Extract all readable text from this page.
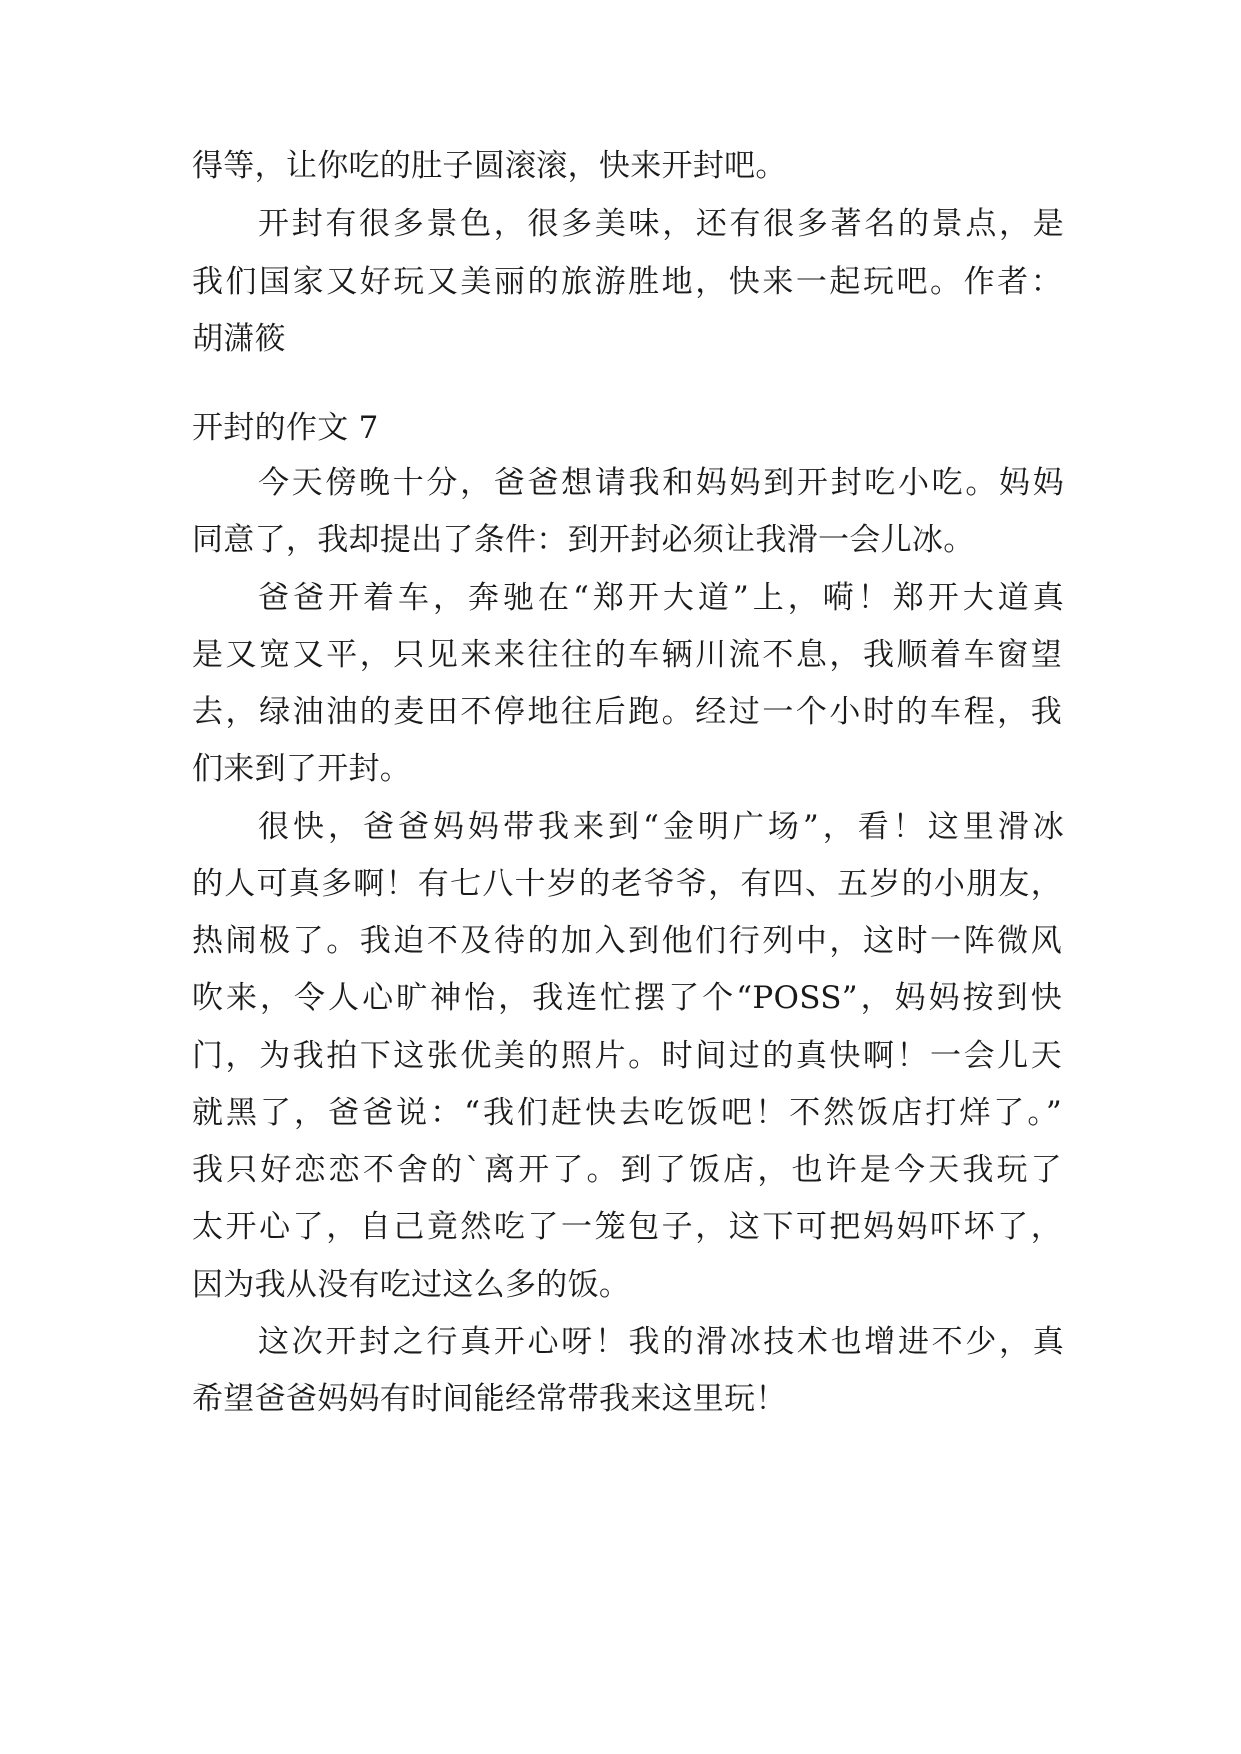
得等，让你吃的肚子圆滚滚，快来开封吧。
开封有很多景色，很多美味，还有很多著名的景点，是
我们国家又好玩又美丽的旅游胜地，快来一起玩吧。作者：
胡潇筱
开封的作文 7
今天傍晚十分，爸爸想请我和妈妈到开封吃小吃。妈妈
同意了，我却提出了条件：到开封必须让我滑一会儿冰。
爸爸开着车，奔驰在“郑开大道”上，嗬！郑开大道真
是又宽又平，只见来来往往的车辆川流不息，我顺着车窗望
去，绿油油的麦田不停地往后跑。经过一个小时的车程，我
们来到了开封。
很快，爸爸妈妈带我来到“金明广场”，看！这里滑冰
的人可真多啊！有七八十岁的老爷爷，有四、五岁的小朋友，
热闹极了。我迫不及待的加入到他们行列中，这时一阵微风
吹来，令人心旷神怡，我连忙摆了个“POSS”，妈妈按到快
门，为我拍下这张优美的照片。时间过的真快啊！一会儿天
就黑了，爸爸说：“我们赶快去吃饭吧！不然饭店打烊了。”
我只好恋恋不舍的`离开了。到了饭店，也许是今天我玩了
太开心了，自己竟然吃了一笼包子，这下可把妈妈吓坏了，
因为我从没有吃过这么多的饭。
这次开封之行真开心呀！我的滑冰技术也增进不少，真
希望爸爸妈妈有时间能经常带我来这里玩！
